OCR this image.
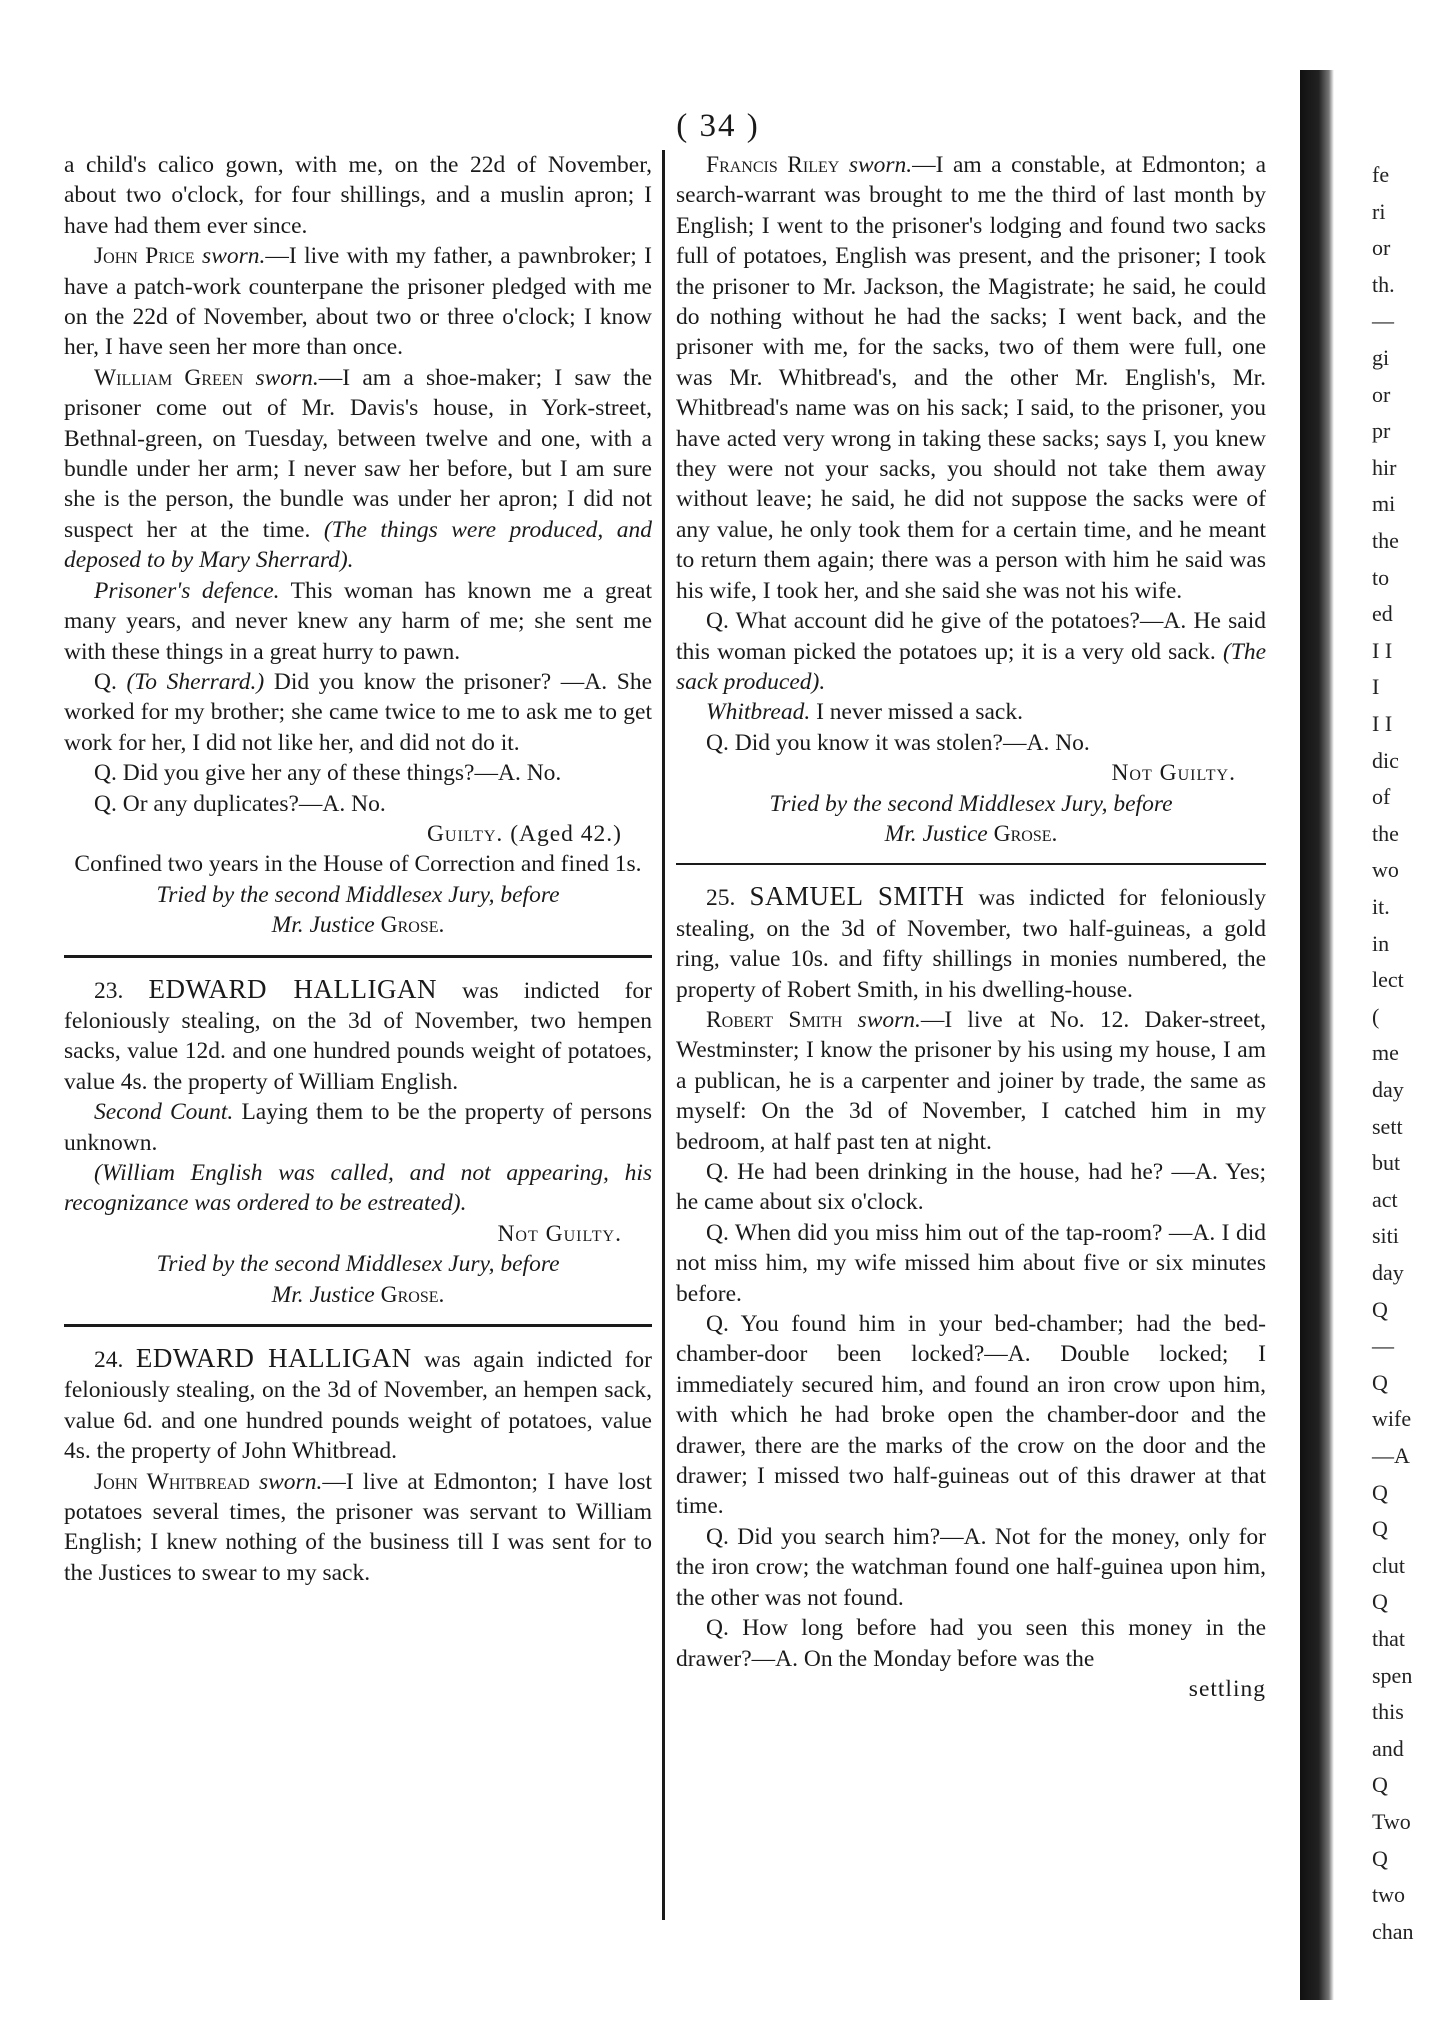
( 34 )

a child's calico gown, with me, on the 22d of November, about two o'clock, for four shillings, and a muslin apron; I have had them ever since.

John Price sworn.—I live with my father, a pawnbroker; I have a patch-work counterpane the prisoner pledged with me on the 22d of November, about two or three o'clock; I know her, I have seen her more than once.

William Green sworn.—I am a shoe-maker; I saw the prisoner come out of Mr. Davis's house, in York-street, Bethnal-green, on Tuesday, between twelve and one, with a bundle under her arm; I never saw her before, but I am sure she is the person, the bundle was under her apron; I did not suspect her at the time. (The things were produced, and deposed to by Mary Sherrard).

Prisoner's defence. This woman has known me a great many years, and never knew any harm of me; she sent me with these things in a great hurry to pawn.

Q. (To Sherrard.) Did you know the prisoner? —A. She worked for my brother; she came twice to me to ask me to get work for her, I did not like her, and did not do it.

Q. Did you give her any of these things?—A. No.

Q. Or any duplicates?—A. No.

Guilty. (Aged 42.)

Confined two years in the House of Correction and fined 1s.

Tried by the second Middlesex Jury, before

Mr. Justice Grose.

23. EDWARD HALLIGAN was indicted for feloniously stealing, on the 3d of November, two hempen sacks, value 12d. and one hundred pounds weight of potatoes, value 4s. the property of William English.

Second Count. Laying them to be the property of persons unknown.

(William English was called, and not appearing, his recognizance was ordered to be estreated).

Not Guilty.

Tried by the second Middlesex Jury, before

Mr. Justice Grose.

24. EDWARD HALLIGAN was again indicted for feloniously stealing, on the 3d of November, an hempen sack, value 6d. and one hundred pounds weight of potatoes, value 4s. the property of John Whitbread.

John Whitbread sworn.—I live at Edmonton; I have lost potatoes several times, the prisoner was servant to William English; I knew nothing of the business till I was sent for to the Justices to swear to my sack.

Francis Riley sworn.—I am a constable, at Edmonton; a search-warrant was brought to me the third of last month by English; I went to the prisoner's lodging and found two sacks full of potatoes, English was present, and the prisoner; I took the prisoner to Mr. Jackson, the Magistrate; he said, he could do nothing without he had the sacks; I went back, and the prisoner with me, for the sacks, two of them were full, one was Mr. Whitbread's, and the other Mr. English's, Mr. Whitbread's name was on his sack; I said, to the prisoner, you have acted very wrong in taking these sacks; says I, you knew they were not your sacks, you should not take them away without leave; he said, he did not suppose the sacks were of any value, he only took them for a certain time, and he meant to return them again; there was a person with him he said was his wife, I took her, and she said she was not his wife.

Q. What account did he give of the potatoes?—A. He said this woman picked the potatoes up; it is a very old sack. (The sack produced).

Whitbread. I never missed a sack.

Q. Did you know it was stolen?—A. No.

Not Guilty.

Tried by the second Middlesex Jury, before

Mr. Justice Grose.

25. SAMUEL SMITH was indicted for feloniously stealing, on the 3d of November, two half-guineas, a gold ring, value 10s. and fifty shillings in monies numbered, the property of Robert Smith, in his dwelling-house.

Robert Smith sworn.—I live at No. 12. Daker-street, Westminster; I know the prisoner by his using my house, I am a publican, he is a carpenter and joiner by trade, the same as myself: On the 3d of November, I catched him in my bedroom, at half past ten at night.

Q. He had been drinking in the house, had he? —A. Yes; he came about six o'clock.

Q. When did you miss him out of the tap-room? —A. I did not miss him, my wife missed him about five or six minutes before.

Q. You found him in your bed-chamber; had the bed-chamber-door been locked?—A. Double locked; I immediately secured him, and found an iron crow upon him, with which he had broke open the chamber-door and the drawer, there are the marks of the crow on the door and the drawer; I missed two half-guineas out of this drawer at that time.

Q. Did you search him?—A. Not for the money, only for the iron crow; the watchman found one half-guinea upon him, the other was not found.

Q. How long before had you seen this money in the drawer?—A. On the Monday before was the

settling

fe
ri
or
th.
—
gi
or
pr
hir
mi
the
to
ed
I I
I
I I
dic
of
the
wo
it.
in
lect
(
me
day
sett
but
act
siti
day
Q
—
Q
wife
—A
Q
Q
clut
Q
that
spen
this
and
Q
Two
Q
two
chan
